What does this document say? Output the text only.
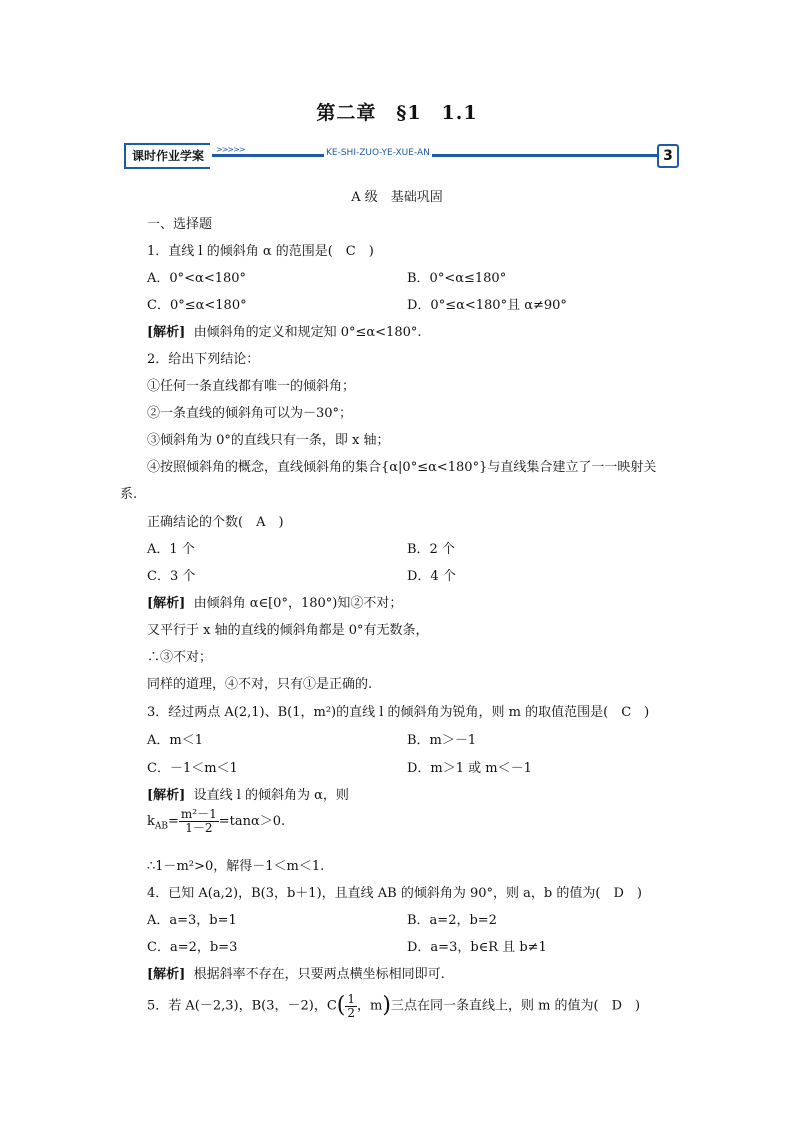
第二章　§1　1.1
课时作业学案	>>>>>	KE-SHI-ZUO-YE-XUE-AN	3
A 级　基础巩固
一、选择题
1．直线 l 的倾斜角 α 的范围是(　C　)
A．0°<α<180°	B．0°<α≤180°
C．0°≤α<180°	D．0°≤α<180°且 α≠90°
[解析] 由倾斜角的定义和规定知 0°≤α<180°.
2．给出下列结论：
①任何一条直线都有唯一的倾斜角；
②一条直线的倾斜角可以为－30°；
③倾斜角为 0°的直线只有一条，即 x 轴；
④按照倾斜角的概念，直线倾斜角的集合{α|0°≤α<180°}与直线集合建立了一一映射关
系.
正确结论的个数(　A　)
A．1 个	B．2 个
C．3 个	D．4 个
[解析] 由倾斜角 α∈[0°，180°)知②不对；
又平行于 x 轴的直线的倾斜角都是 0°有无数条，
∴③不对；
同样的道理，④不对，只有①是正确的.
3．经过两点 A(2,1)、B(1，m²)的直线 l 的倾斜角为锐角，则 m 的取值范围是(　C　)
A．m＜1	B．m＞－1
C．－1＜m＜1	D．m＞1 或 m＜－1
[解析] 设直线 l 的倾斜角为 α，则
$k_{AB}= \frac{\text{m²－1}}{1-2} =\tan\alpha>0$.
∴1－m²>0，解得－1＜m＜1.
4．已知 A(a,2)，B(3，b＋1)，且直线 AB 的倾斜角为 90°，则 a，b 的值为(　D　)
A．a=3，b=1	B．a=2，b=2
C．a=2，b=3	D．a=3，b∈R 且 b≠1
[解析] 根据斜率不存在，只要两点横坐标相同即可.
5．若 A(－2,3)，B(3，－2)，$C( \frac{1}{2}$ ，m)三点在同一条直线上，则 m 的值为(　D　)
